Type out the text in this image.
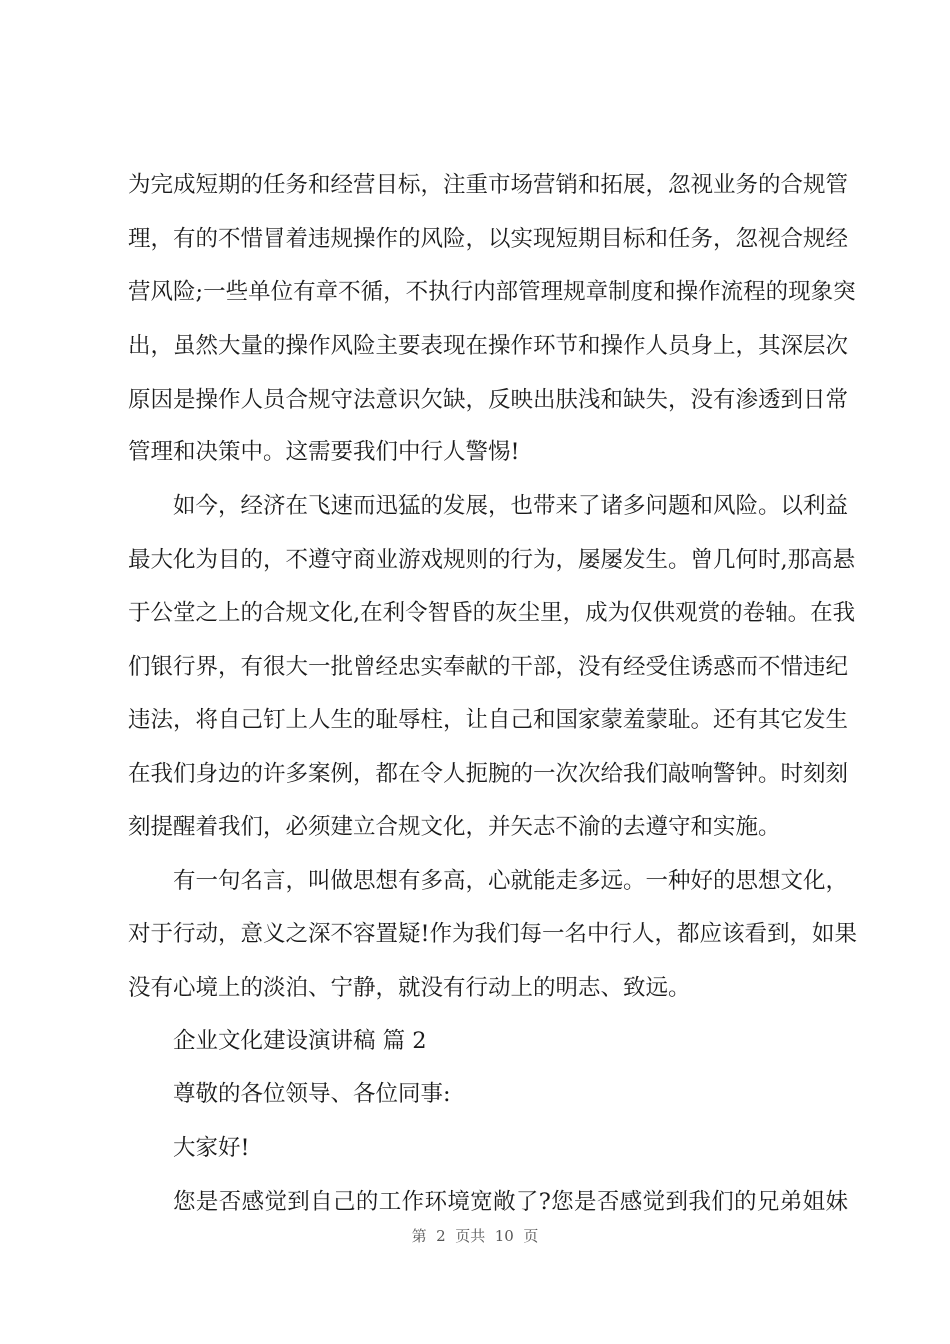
为完成短期的任务和经营目标，注重市场营销和拓展，忽视业务的合规管
理，有的不惜冒着违规操作的风险，以实现短期目标和任务，忽视合规经
营风险;一些单位有章不循，不执行内部管理规章制度和操作流程的现象突
出，虽然大量的操作风险主要表现在操作环节和操作人员身上，其深层次
原因是操作人员合规守法意识欠缺，反映出肤浅和缺失，没有渗透到日常
管理和决策中。这需要我们中行人警惕!
如今，经济在飞速而迅猛的发展，也带来了诸多问题和风险。以利益
最大化为目的，不遵守商业游戏规则的行为，屡屡发生。曾几何时,那高悬
于公堂之上的合规文化,在利令智昏的灰尘里，成为仅供观赏的卷轴。在我
们银行界，有很大一批曾经忠实奉献的干部，没有经受住诱惑而不惜违纪
违法，将自己钉上人生的耻辱柱，让自己和国家蒙羞蒙耻。还有其它发生
在我们身边的许多案例，都在令人扼腕的一次次给我们敲响警钟。时刻刻
刻提醒着我们，必须建立合规文化，并矢志不渝的去遵守和实施。
有一句名言，叫做思想有多高，心就能走多远。一种好的思想文化，
对于行动，意义之深不容置疑!作为我们每一名中行人，都应该看到，如果
没有心境上的淡泊、宁静，就没有行动上的明志、致远。
企业文化建设演讲稿 篇 2
尊敬的各位领导、各位同事:
大家好!
您是否感觉到自己的工作环境宽敞了?您是否感觉到我们的兄弟姐妹
第  2  页共  10  页
